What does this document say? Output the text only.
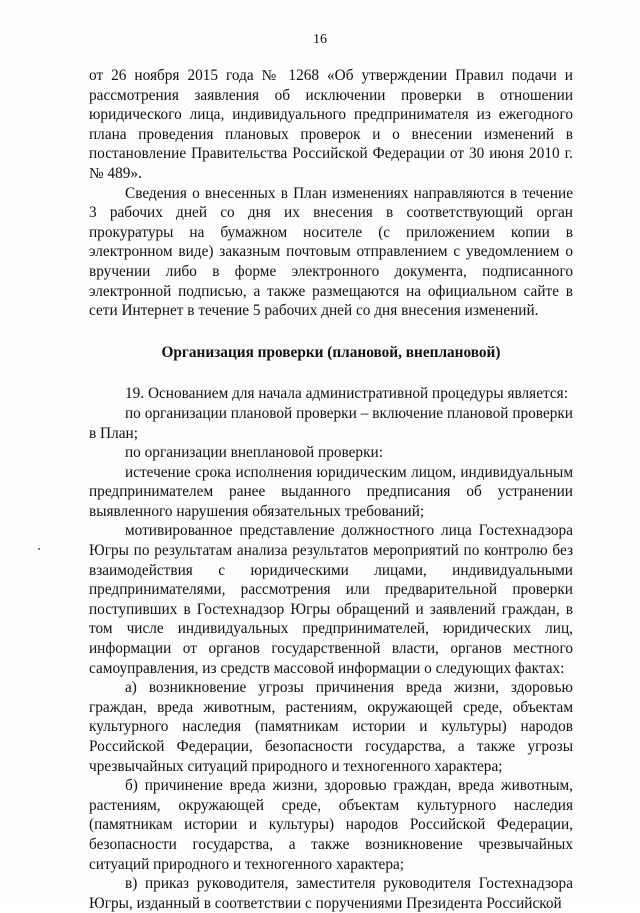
16

от 26 ноября 2015 года № 1268 «Об утверждении Правил подачи и рассмотрения заявления об исключении проверки в отношении юридического лица, индивидуального предпринимателя из ежегодного плана проведения плановых проверок и о внесении изменений в постановление Правительства Российской Федерации от 30 июня 2010 г. № 489».

Сведения о внесенных в План изменениях направляются в течение 3 рабочих дней со дня их внесения в соответствующий орган прокуратуры на бумажном носителе (с приложением копии в электронном виде) заказным почтовым отправлением с уведомлением о вручении либо в форме электронного документа, подписанного электронной подписью, а также размещаются на официальном сайте в сети Интернет в течение 5 рабочих дней со дня внесения изменений.

Организация проверки (плановой, внеплановой)

19. Основанием для начала административной процедуры является:

по организации плановой проверки – включение плановой проверки в План;

по организации внеплановой проверки:

истечение срока исполнения юридическим лицом, индивидуальным предпринимателем ранее выданного предписания об устранении выявленного нарушения обязательных требований;

мотивированное представление должностного лица Гостехнадзора Югры по результатам анализа результатов мероприятий по контролю без взаимодействия с юридическими лицами, индивидуальными предпринимателями, рассмотрения или предварительной проверки поступивших в Гостехнадзор Югры обращений и заявлений граждан, в том числе индивидуальных предпринимателей, юридических лиц, информации от органов государственной власти, органов местного самоуправления, из средств массовой информации о следующих фактах:

а) возникновение угрозы причинения вреда жизни, здоровью граждан, вреда животным, растениям, окружающей среде, объектам культурного наследия (памятникам истории и культуры) народов Российской Федерации, безопасности государства, а также угрозы чрезвычайных ситуаций природного и техногенного характера;

б) причинение вреда жизни, здоровью граждан, вреда животным, растениям, окружающей среде, объектам культурного наследия (памятникам истории и культуры) народов Российской Федерации, безопасности государства, а также возникновение чрезвычайных ситуаций природного и техногенного характера;

в) приказ руководителя, заместителя руководителя Гостехнадзора Югры, изданный в соответствии с поручениями Президента Российской
